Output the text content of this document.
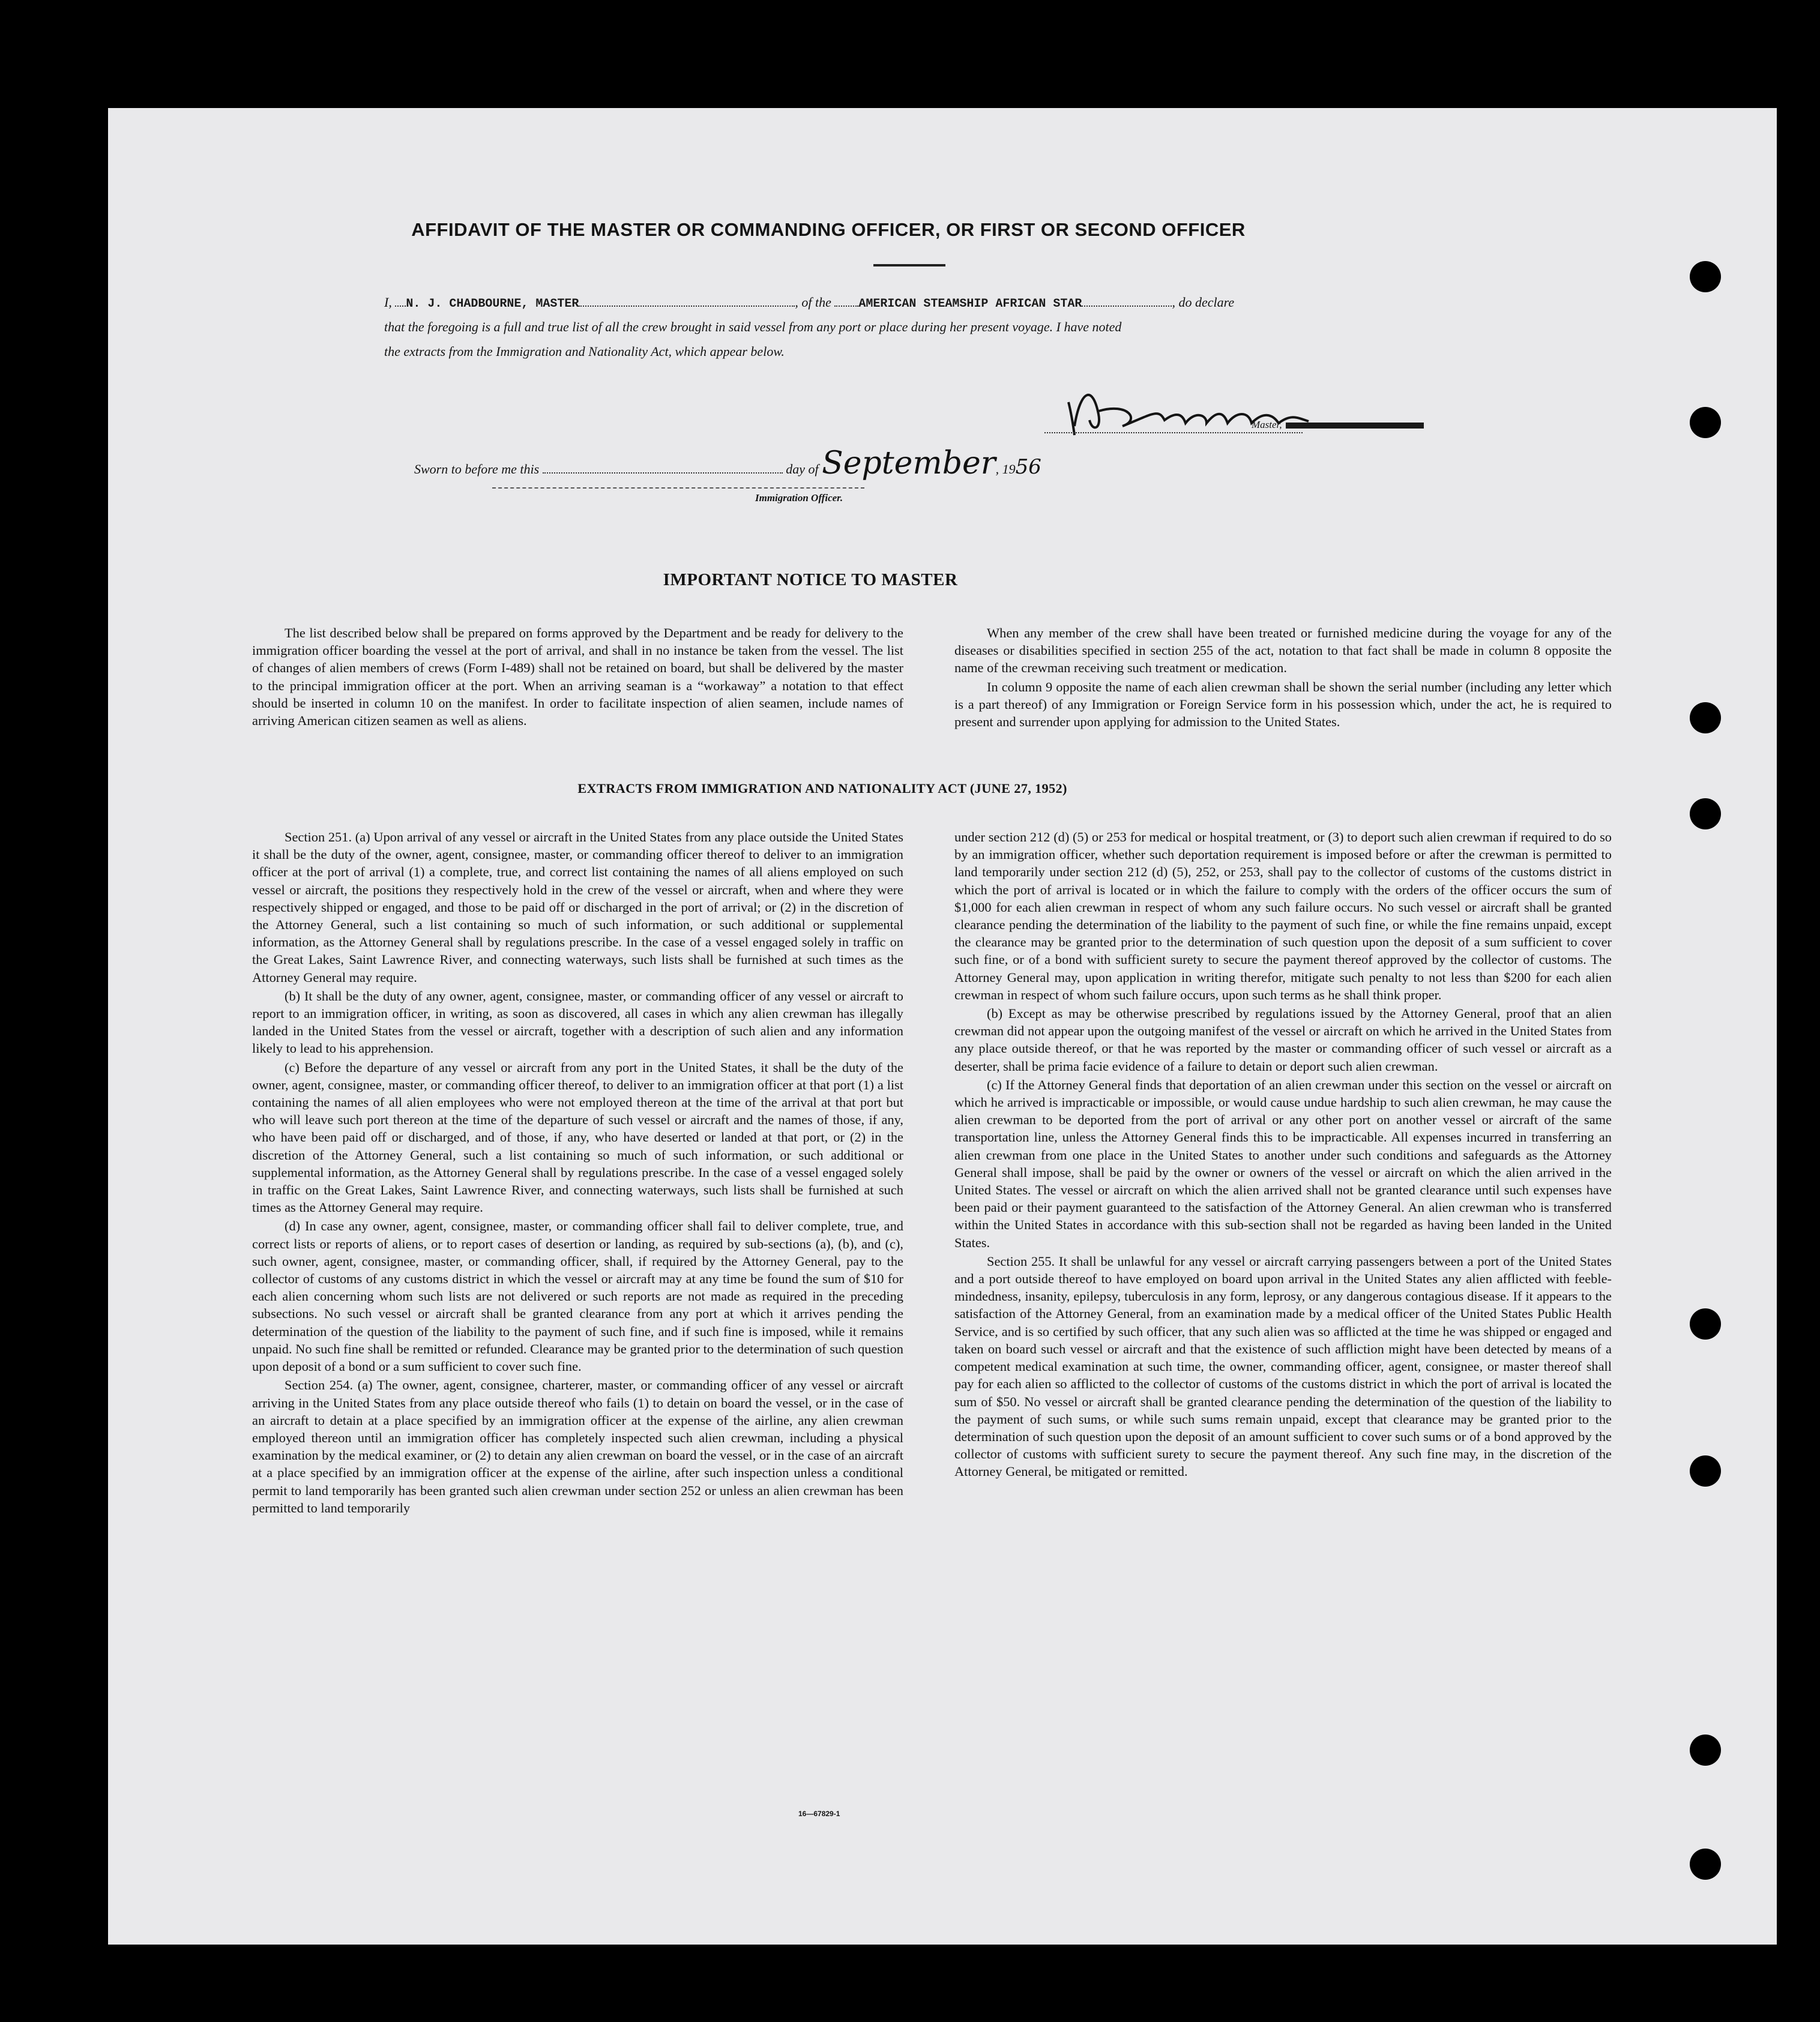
AFFIDAVIT OF THE MASTER OR COMMANDING OFFICER, OR FIRST OR SECOND OFFICER
I, N. J. CHADBOURNE, MASTER	, of the AMERICAN STEAMSHIP AFRICAN STAR	, do declare
that the foregoing is a full and true list of all the crew brought in said vessel from any port or place during her present voyage. I have noted
the extracts from the Immigration and Nationality Act, which appear below.
Master,
Sworn to before me this	day of September, 1956
Immigration Officer.
IMPORTANT NOTICE TO MASTER

The list described below shall be prepared on forms approved by the Department and be ready for delivery to the immigration officer boarding the vessel at the port of arrival, and shall in no instance be taken from the vessel. The list of changes of alien members of crews (Form I-489) shall not be retained on board, but shall be delivered by the master to the principal immigration officer at the port. When an arriving seaman is a “workaway” a notation to that effect should be inserted in column 10 on the manifest. In order to facilitate inspection of alien seamen, include names of arriving American citizen seamen as well as aliens.

When any member of the crew shall have been treated or furnished medicine during the voyage for any of the diseases or disabilities specified in section 255 of the act, notation to that fact shall be made in column 8 opposite the name of the crewman receiving such treatment or medication.

In column 9 opposite the name of each alien crewman shall be shown the serial number (including any letter which is a part thereof) of any Immigration or Foreign Service form in his possession which, under the act, he is required to present and surrender upon applying for admission to the United States.

EXTRACTS FROM IMMIGRATION AND NATIONALITY ACT (JUNE 27, 1952)

Section 251. (a) Upon arrival of any vessel or aircraft in the United States from any place outside the United States it shall be the duty of the owner, agent, consignee, master, or commanding officer thereof to deliver to an immigration officer at the port of arrival (1) a complete, true, and correct list containing the names of all aliens employed on such vessel or aircraft, the positions they respectively hold in the crew of the vessel or aircraft, when and where they were respectively shipped or engaged, and those to be paid off or discharged in the port of arrival; or (2) in the discretion of the Attorney General, such a list containing so much of such information, or such additional or supplemental information, as the Attorney General shall by regulations prescribe. In the case of a vessel engaged solely in traffic on the Great Lakes, Saint Lawrence River, and connecting waterways, such lists shall be furnished at such times as the Attorney General may require.

(b) It shall be the duty of any owner, agent, consignee, master, or commanding officer of any vessel or aircraft to report to an immigration officer, in writing, as soon as discovered, all cases in which any alien crewman has illegally landed in the United States from the vessel or aircraft, together with a description of such alien and any information likely to lead to his apprehension.

(c) Before the departure of any vessel or aircraft from any port in the United States, it shall be the duty of the owner, agent, consignee, master, or commanding officer thereof, to deliver to an immigration officer at that port (1) a list containing the names of all alien employees who were not employed thereon at the time of the arrival at that port but who will leave such port thereon at the time of the departure of such vessel or aircraft and the names of those, if any, who have been paid off or discharged, and of those, if any, who have deserted or landed at that port, or (2) in the discretion of the Attorney General, such a list containing so much of such information, or such additional or supplemental information, as the Attorney General shall by regulations prescribe. In the case of a vessel engaged solely in traffic on the Great Lakes, Saint Lawrence River, and connecting waterways, such lists shall be furnished at such times as the Attorney General may require.

(d) In case any owner, agent, consignee, master, or commanding officer shall fail to deliver complete, true, and correct lists or reports of aliens, or to report cases of desertion or landing, as required by sub-sections (a), (b), and (c), such owner, agent, consignee, master, or commanding officer, shall, if required by the Attorney General, pay to the collector of customs of any customs district in which the vessel or aircraft may at any time be found the sum of $10 for each alien concerning whom such lists are not delivered or such reports are not made as required in the preceding subsections. No such vessel or aircraft shall be granted clearance from any port at which it arrives pending the determination of the question of the liability to the payment of such fine, and if such fine is imposed, while it remains unpaid. No such fine shall be remitted or refunded. Clearance may be granted prior to the determination of such question upon deposit of a bond or a sum sufficient to cover such fine.

Section 254. (a) The owner, agent, consignee, charterer, master, or commanding officer of any vessel or aircraft arriving in the United States from any place outside thereof who fails (1) to detain on board the vessel, or in the case of an aircraft to detain at a place specified by an immigration officer at the expense of the airline, any alien crewman employed thereon until an immigration officer has completely inspected such alien crewman, including a physical examination by the medical examiner, or (2) to detain any alien crewman on board the vessel, or in the case of an aircraft at a place specified by an immigration officer at the expense of the airline, after such inspection unless a conditional permit to land temporarily has been granted such alien crewman under section 252 or unless an alien crewman has been permitted to land temporarily

under section 212 (d) (5) or 253 for medical or hospital treatment, or (3) to deport such alien crewman if required to do so by an immigration officer, whether such deportation requirement is imposed before or after the crewman is permitted to land temporarily under section 212 (d) (5), 252, or 253, shall pay to the collector of customs of the customs district in which the port of arrival is located or in which the failure to comply with the orders of the officer occurs the sum of $1,000 for each alien crewman in respect of whom any such failure occurs. No such vessel or aircraft shall be granted clearance pending the determination of the liability to the payment of such fine, or while the fine remains unpaid, except the clearance may be granted prior to the determination of such question upon the deposit of a sum sufficient to cover such fine, or of a bond with sufficient surety to secure the payment thereof approved by the collector of customs. The Attorney General may, upon application in writing therefor, mitigate such penalty to not less than $200 for each alien crewman in respect of whom such failure occurs, upon such terms as he shall think proper.

(b) Except as may be otherwise prescribed by regulations issued by the Attorney General, proof that an alien crewman did not appear upon the outgoing manifest of the vessel or aircraft on which he arrived in the United States from any place outside thereof, or that he was reported by the master or commanding officer of such vessel or aircraft as a deserter, shall be prima facie evidence of a failure to detain or deport such alien crewman.

(c) If the Attorney General finds that deportation of an alien crewman under this section on the vessel or aircraft on which he arrived is impracticable or impossible, or would cause undue hardship to such alien crewman, he may cause the alien crewman to be deported from the port of arrival or any other port on another vessel or aircraft of the same transportation line, unless the Attorney General finds this to be impracticable. All expenses incurred in transferring an alien crewman from one place in the United States to another under such conditions and safeguards as the Attorney General shall impose, shall be paid by the owner or owners of the vessel or aircraft on which the alien arrived in the United States. The vessel or aircraft on which the alien arrived shall not be granted clearance until such expenses have been paid or their payment guaranteed to the satisfaction of the Attorney General. An alien crewman who is transferred within the United States in accordance with this sub-section shall not be regarded as having been landed in the United States.

Section 255. It shall be unlawful for any vessel or aircraft carrying passengers between a port of the United States and a port outside thereof to have employed on board upon arrival in the United States any alien afflicted with feeble-mindedness, insanity, epilepsy, tuberculosis in any form, leprosy, or any dangerous contagious disease. If it appears to the satisfaction of the Attorney General, from an examination made by a medical officer of the United States Public Health Service, and is so certified by such officer, that any such alien was so afflicted at the time he was shipped or engaged and taken on board such vessel or aircraft and that the existence of such affliction might have been detected by means of a competent medical examination at such time, the owner, commanding officer, agent, consignee, or master thereof shall pay for each alien so afflicted to the collector of customs of the customs district in which the port of arrival is located the sum of $50. No vessel or aircraft shall be granted clearance pending the determination of the question of the liability to the payment of such sums, or while such sums remain unpaid, except that clearance may be granted prior to the determination of such question upon the deposit of an amount sufficient to cover such sums or of a bond approved by the collector of customs with sufficient surety to secure the payment thereof. Any such fine may, in the discretion of the Attorney General, be mitigated or remitted.

16—67829-1
